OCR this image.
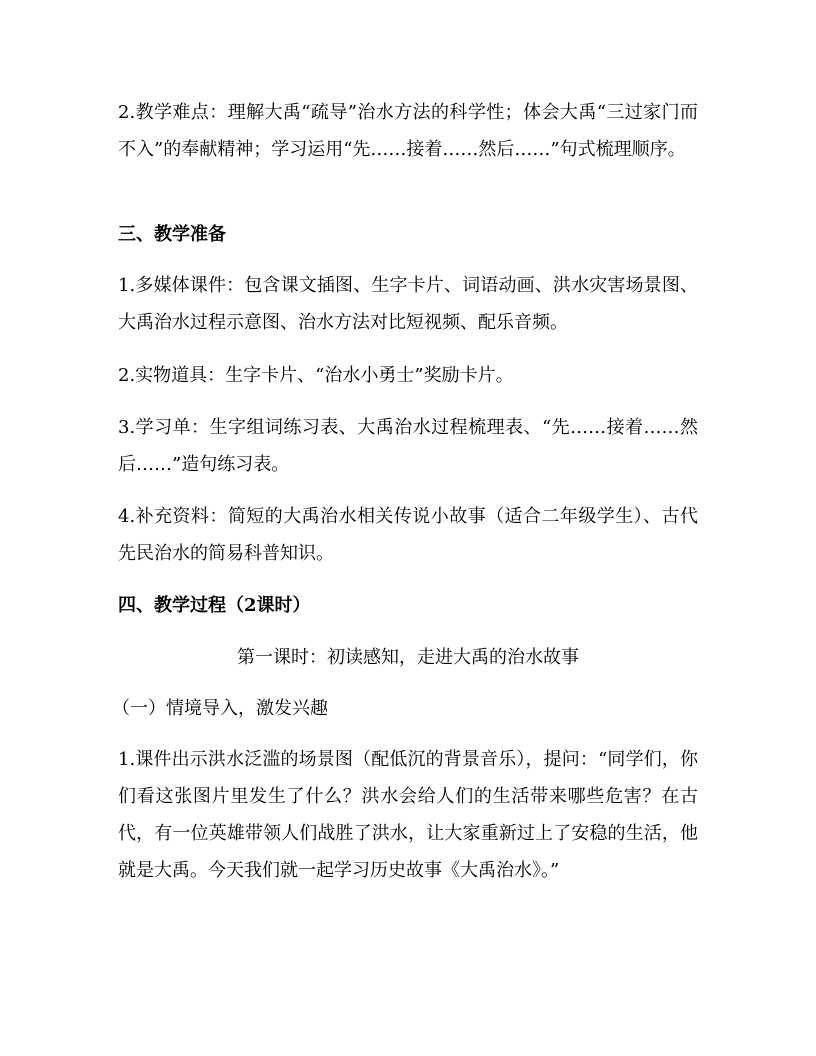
2.教学难点：理解大禹“疏导”治水方法的科学性；体会大禹“三过家门而不入”的奉献精神；学习运用“先……接着……然后……”句式梳理顺序。

三、教学准备

1.多媒体课件：包含课文插图、生字卡片、词语动画、洪水灾害场景图、大禹治水过程示意图、治水方法对比短视频、配乐音频。

2.实物道具：生字卡片、“治水小勇士”奖励卡片。

3.学习单：生字组词练习表、大禹治水过程梳理表、“先……接着……然后……”造句练习表。

4.补充资料：简短的大禹治水相关传说小故事（适合二年级学生）、古代先民治水的简易科普知识。

四、教学过程（2课时）

第一课时：初读感知，走进大禹的治水故事

（一）情境导入，激发兴趣

1.课件出示洪水泛滥的场景图（配低沉的背景音乐），提问：“同学们，你们看这张图片里发生了什么？洪水会给人们的生活带来哪些危害？在古代，有一位英雄带领人们战胜了洪水，让大家重新过上了安稳的生活，他就是大禹。今天我们就一起学习历史故事《大禹治水》。”
